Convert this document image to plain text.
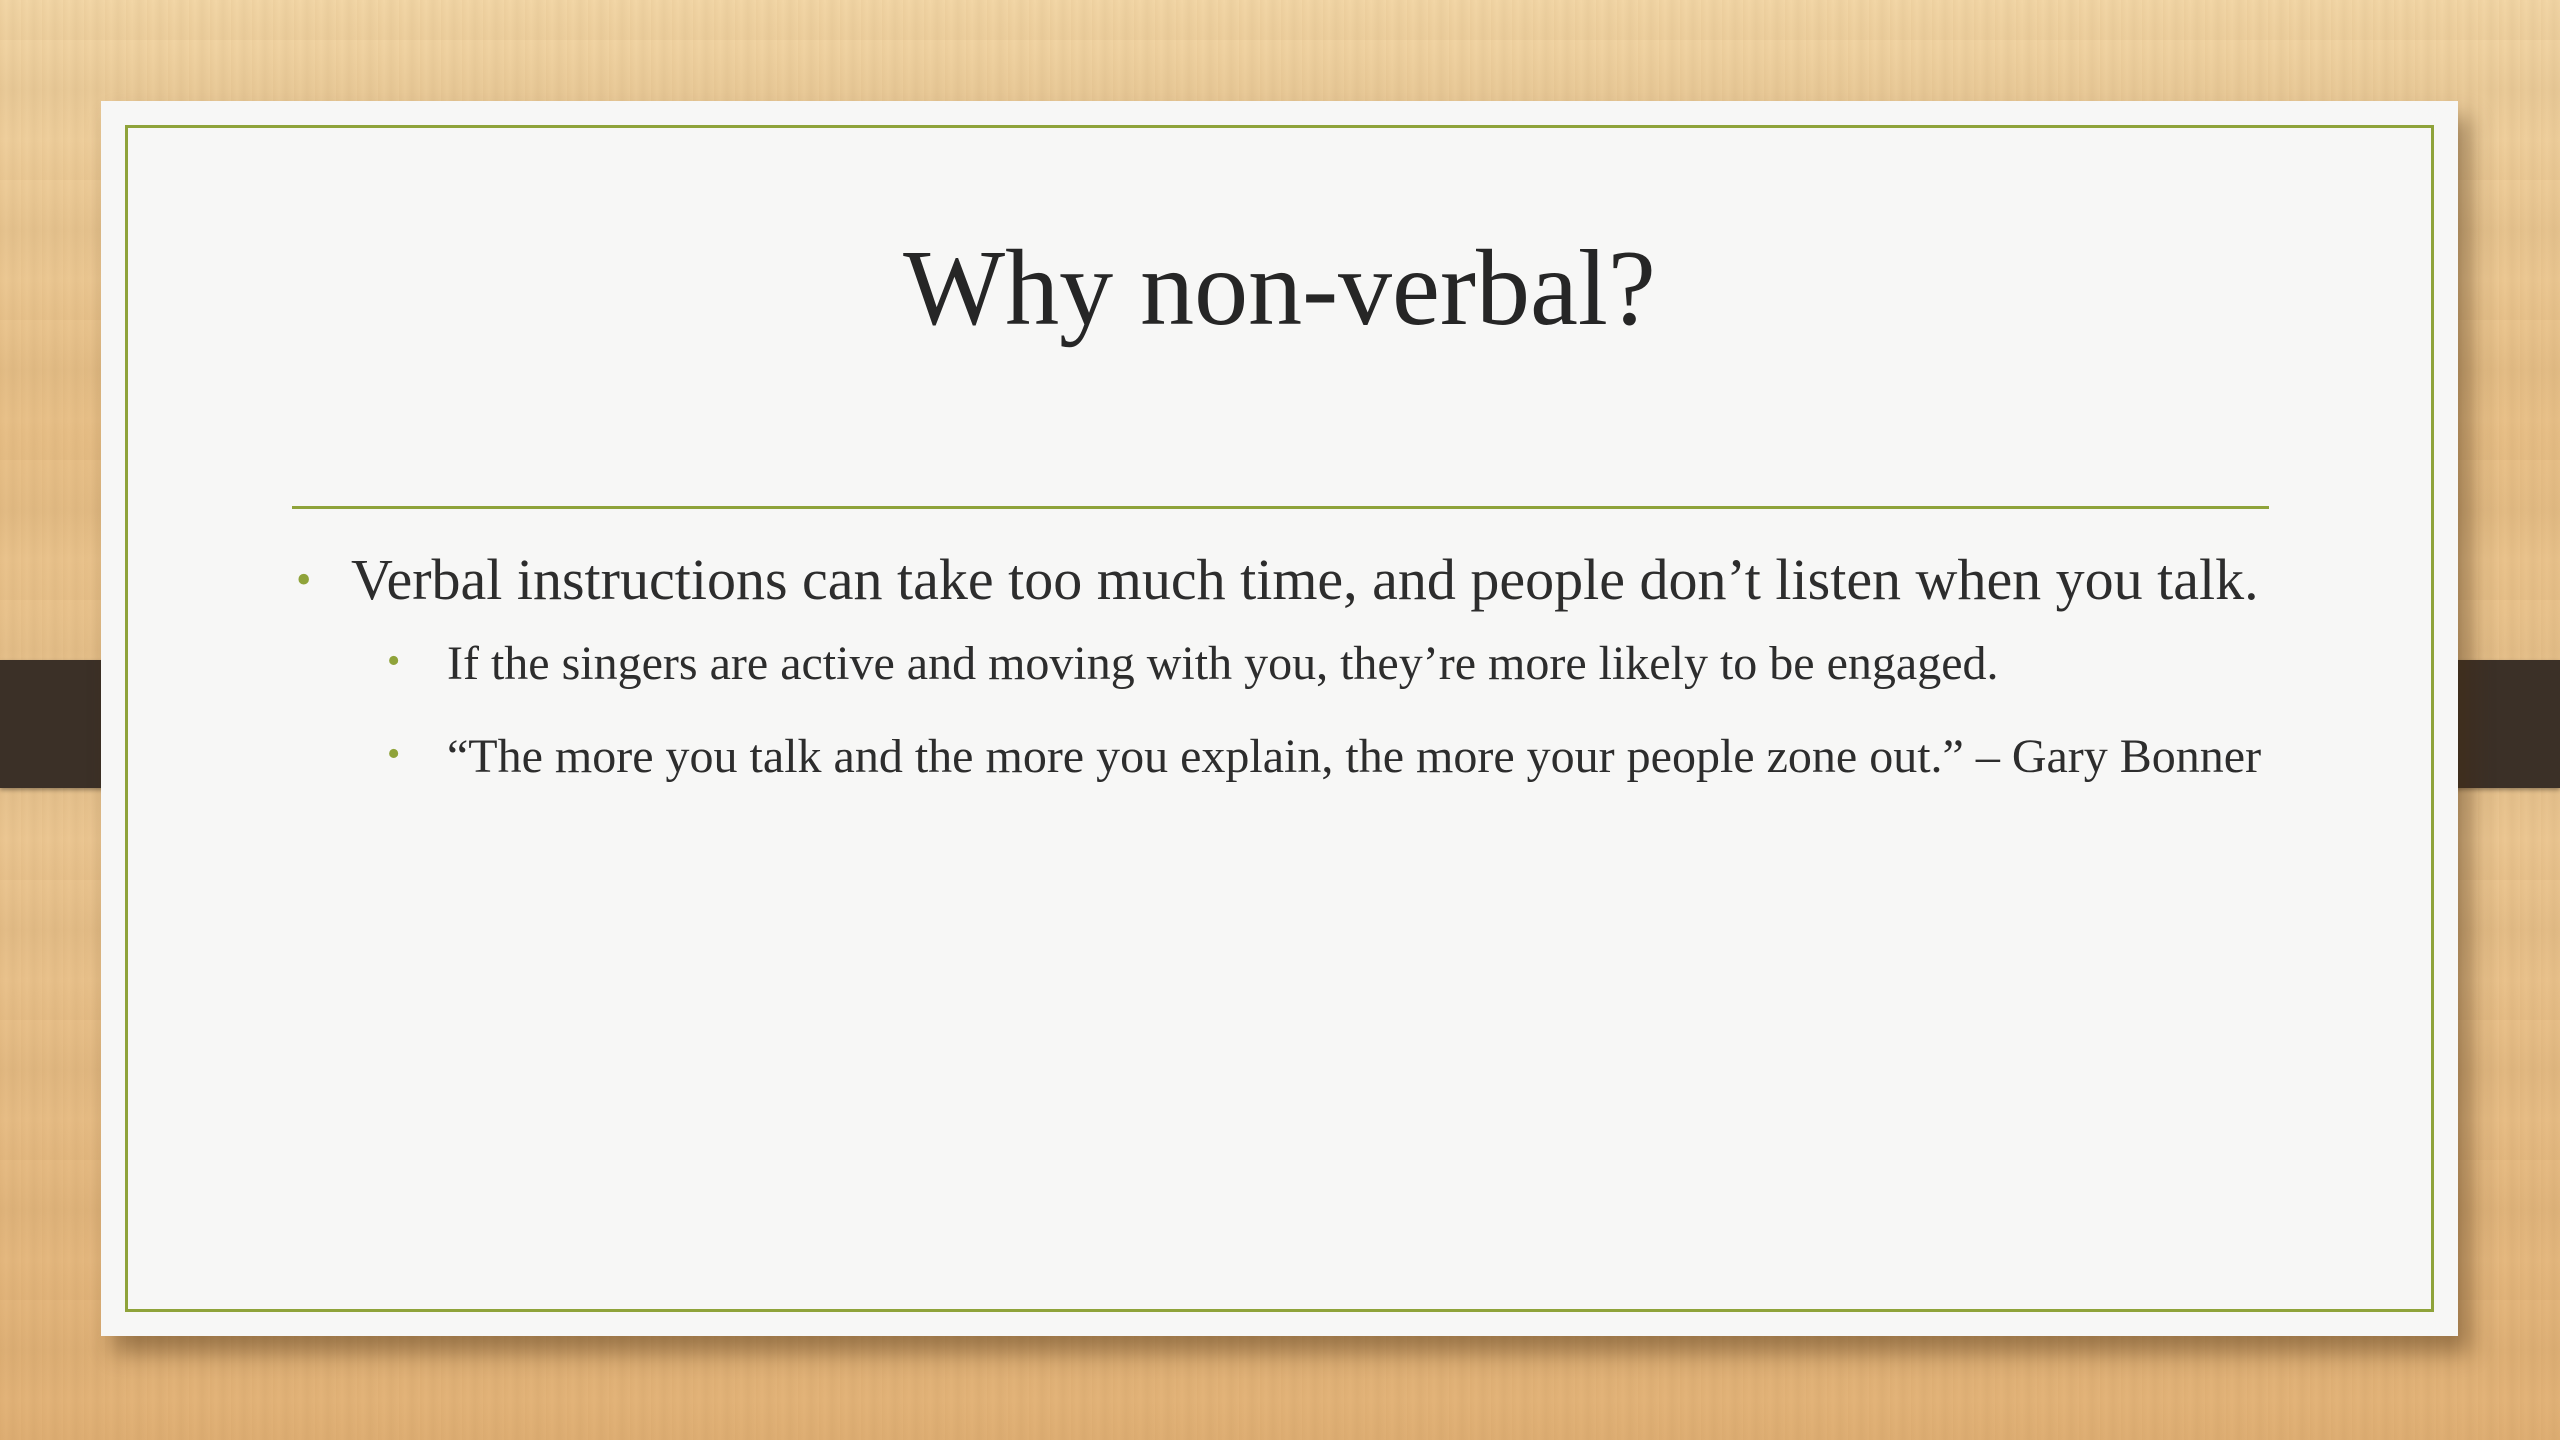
Why non-verbal?
• Verbal instructions can take too much time, and people don’t listen when you talk.
• If the singers are active and moving with you, they’re more likely to be engaged.
• “The more you talk and the more you explain, the more your people zone out.” – Gary Bonner
